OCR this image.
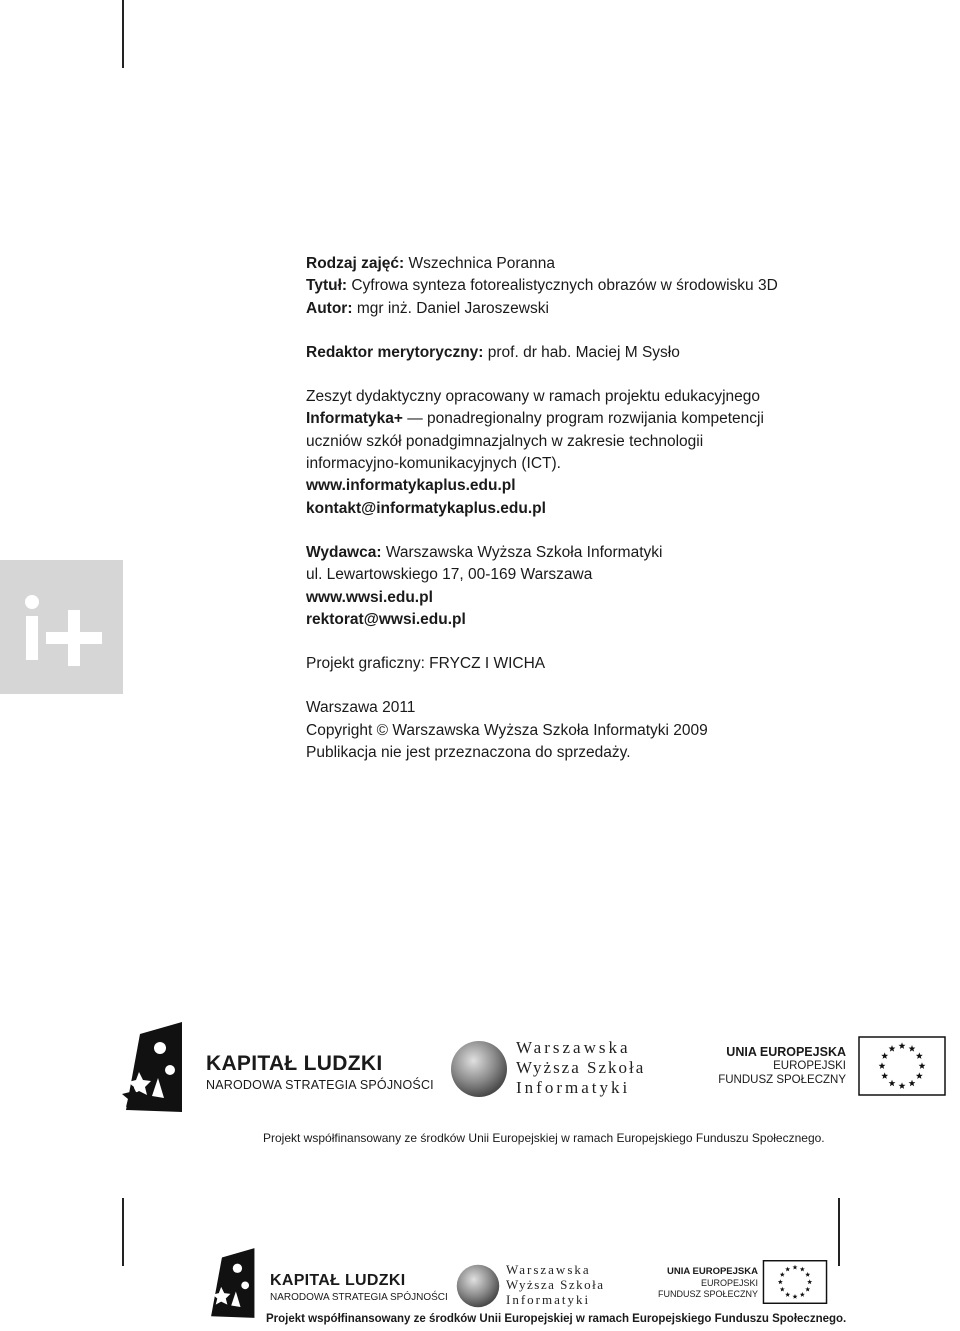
Rodzaj zajęć: Wszechnica Poranna
Tytuł: Cyfrowa synteza fotorealistycznych obrazów w środowisku 3D
Autor: mgr inż. Daniel Jaroszewski
Redaktor merytoryczny: prof. dr hab. Maciej M Sysło
Zeszyt dydaktyczny opracowany w ramach projektu edukacyjnego
Informatyka+ — ponadregionalny program rozwijania kompetencji
uczniów szkół ponadgimnazjalnych w zakresie technologii
informacyjno-komunikacyjnych (ICT).
www.informatykaplus.edu.pl
kontakt@informatykaplus.edu.pl
Wydawca: Warszawska Wyższa Szkoła Informatyki
ul. Lewartowskiego 17, 00-169 Warszawa
www.wwsi.edu.pl
rektorat@wwsi.edu.pl
Projekt graficzny: FRYCZ I WICHA
Warszawa 2011
Copyright © Warszawska Wyższa Szkoła Informatyki 2009
Publikacja nie jest przeznaczona do sprzedaży.
KAPITAŁ LUDZKI
NARODOWA STRATEGIA SPÓJNOŚCI
Warszawska
Wyższa Szkoła
Informatyki
UNIA EUROPEJSKA
EUROPEJSKI
FUNDUSZ SPOŁECZNY
Projekt współfinansowany ze środków Unii Europejskiej w ramach Europejskiego Funduszu Społecznego.
KAPITAŁ LUDZKI
NARODOWA STRATEGIA SPÓJNOŚCI
Warszawska
Wyższa Szkoła
Informatyki
UNIA EUROPEJSKA
EUROPEJSKI
FUNDUSZ SPOŁECZNY
Projekt współfinansowany ze środków Unii Europejskiej w ramach Europejskiego Funduszu Społecznego.
